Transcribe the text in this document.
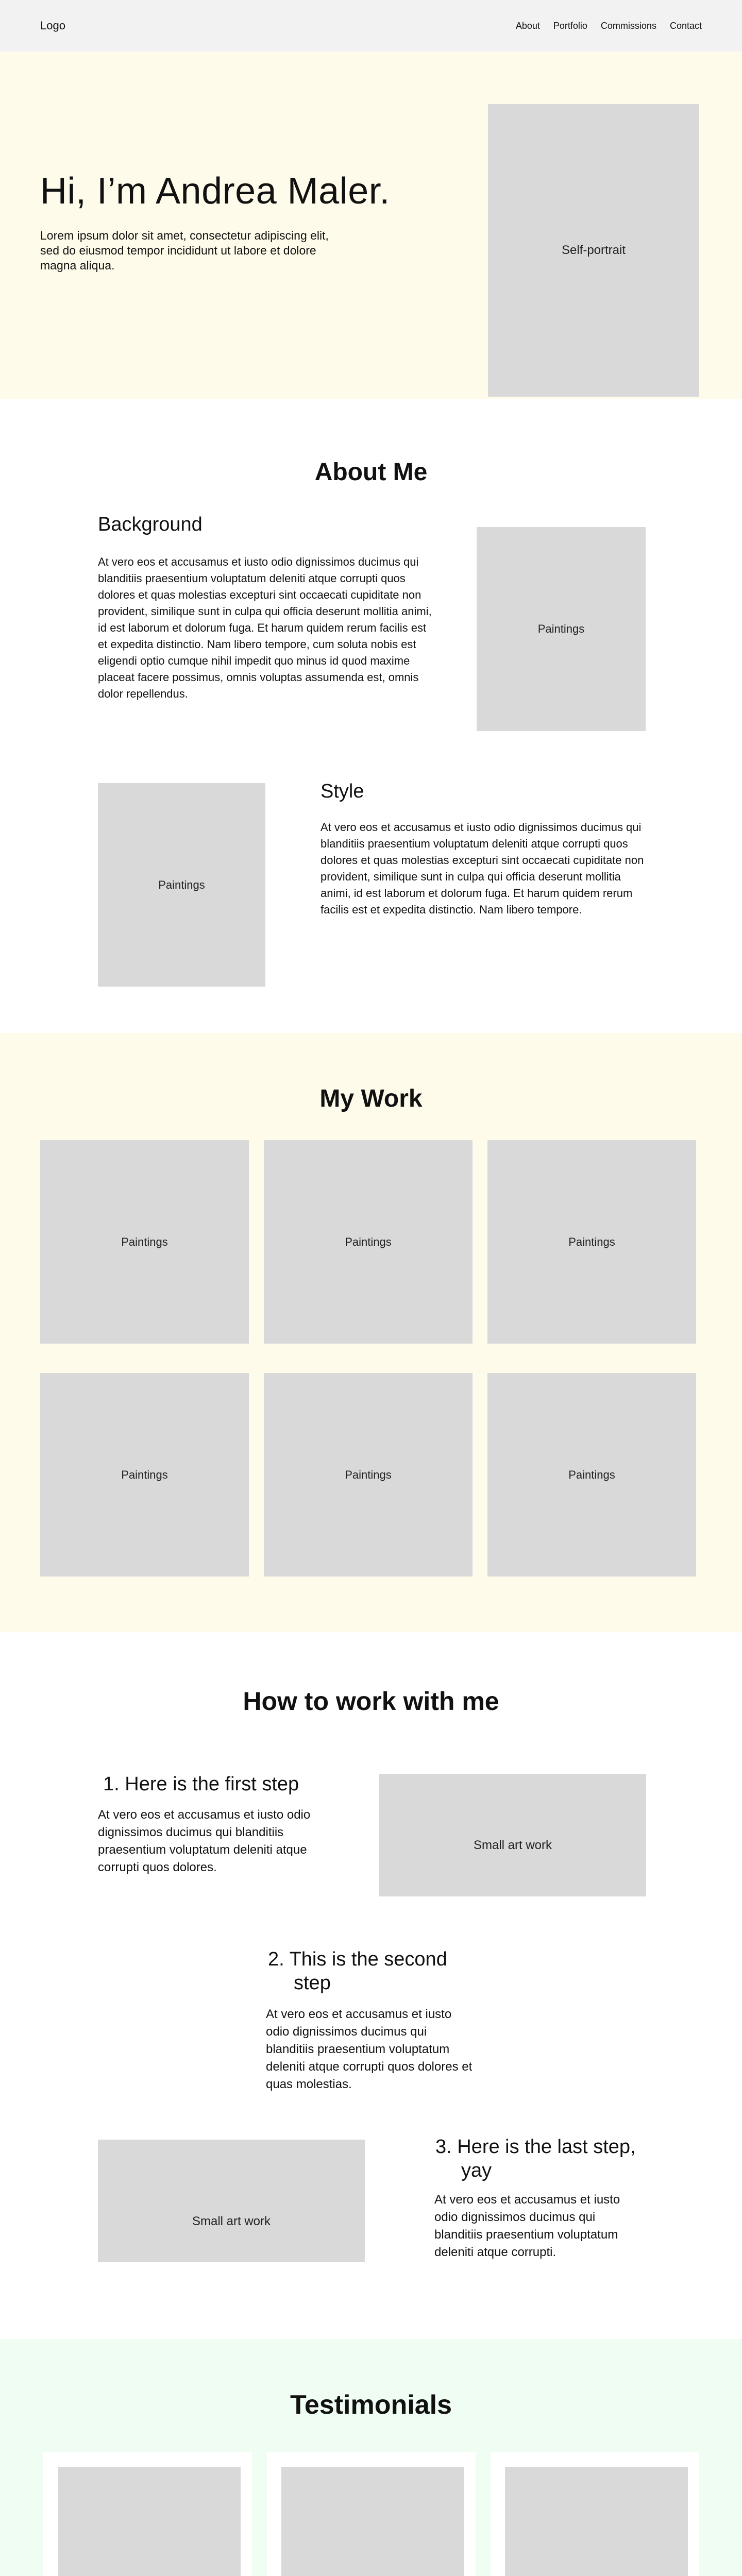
Logo	About Portfolio Commissions Contact
Hi, I’m Andrea Maler.

Lorem ipsum dolor sit amet, consectetur adipiscing elit, sed do eiusmod tempor incididunt ut labore et dolore magna aliqua.

Self-portrait
About Me
Background

At vero eos et accusamus et iusto odio dignissimos ducimus qui blanditiis praesentium voluptatum deleniti atque corrupti quos dolores et quas molestias excepturi sint occaecati cupiditate non provident, similique sunt in culpa qui officia deserunt mollitia animi, id est laborum et dolorum fuga. Et harum quidem rerum facilis est et expedita distinctio. Nam libero tempore, cum soluta nobis est eligendi optio cumque nihil impedit quo minus id quod maxime placeat facere possimus, omnis voluptas assumenda est, omnis dolor repellendus.

Paintings
Paintings
Style

At vero eos et accusamus et iusto odio dignissimos ducimus qui blanditiis praesentium voluptatum deleniti atque corrupti quos dolores et quas molestias excepturi sint occaecati cupiditate non provident, similique sunt in culpa qui officia deserunt mollitia animi, id est laborum et dolorum fuga. Et harum quidem rerum facilis est et expedita distinctio. Nam libero tempore.

My Work
Paintings	Paintings	Paintings
Paintings	Paintings	Paintings
How to work with me
1. Here is the first step

At vero eos et accusamus et iusto odio dignissimos ducimus qui blanditiis praesentium voluptatum deleniti atque corrupti quos dolores.

Small art work
2. This is the second step

At vero eos et accusamus et iusto odio dignissimos ducimus qui blanditiis praesentium voluptatum deleniti atque corrupti quos dolores et quas molestias.

Small art work
3. Here is the last step, yay

At vero eos et accusamus et iusto odio dignissimos ducimus qui blanditiis praesentium voluptatum deleniti atque corrupti.

Testimonials
